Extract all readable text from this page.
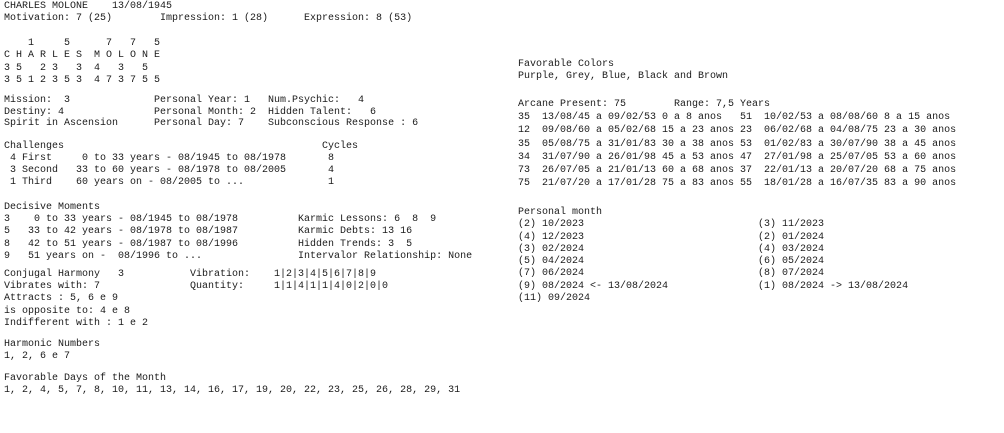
CHARLES MOLONE    13/08/1945
Motivation: 7 (25)        Impression: 1 (28)      Expression: 8 (53)
1     5      7   7   5
C H A R L E S  M O L O N E
3 5   2 3   3  4   3   5
3 5 1 2 3 5 3  4 7 3 7 5 5
Mission:  3              Personal Year: 1   Num.Psychic:   4
Destiny: 4               Personal Month: 2  Hidden Talent:   6
Spirit in Ascension      Personal Day: 7    Subconscious Response : 6
Challenges                                           Cycles
4 First     0 to 33 years - 08/1945 to 08/1978       8
3 Second   33 to 60 years - 08/1978 to 08/2005       4
1 Third    60 years on - 08/2005 to ...              1
Decisive Moments
3    0 to 33 years - 08/1945 to 08/1978          Karmic Lessons: 6  8  9
5   33 to 42 years - 08/1978 to 08/1987          Karmic Debts: 13 16
8   42 to 51 years - 08/1987 to 08/1996          Hidden Trends: 3  5
9   51 years on -  08/1996 to ...                Intervalor Relationship: None
Conjugal Harmony   3           Vibration:    1|2|3|4|5|6|7|8|9
Vibrates with: 7               Quantity:     1|1|4|1|1|4|0|2|0|0
Attracts : 5, 6 e 9
is opposite to: 4 e 8
Indifferent with : 1 e 2
Harmonic Numbers
1, 2, 6 e 7
Favorable Days of the Month
1, 2, 4, 5, 7, 8, 10, 11, 13, 14, 16, 17, 19, 20, 22, 23, 25, 26, 28, 29, 31
Favorable Colors
Purple, Grey, Blue, Black and Brown
Arcane Present: 75        Range: 7,5 Years
35  13/08/45 a 09/02/53 0 a 8 anos   51  10/02/53 a 08/08/60 8 a 15 anos
12  09/08/60 a 05/02/68 15 a 23 anos 23  06/02/68 a 04/08/75 23 a 30 anos
35  05/08/75 a 31/01/83 30 a 38 anos 53  01/02/83 a 30/07/90 38 a 45 anos
34  31/07/90 a 26/01/98 45 a 53 anos 47  27/01/98 a 25/07/05 53 a 60 anos
73  26/07/05 a 21/01/13 60 a 68 anos 37  22/01/13 a 20/07/20 68 a 75 anos
75  21/07/20 a 17/01/28 75 a 83 anos 55  18/01/28 a 16/07/35 83 a 90 anos
Personal month
(2) 10/2023                             (3) 11/2023
(4) 12/2023                             (2) 01/2024
(3) 02/2024                             (4) 03/2024
(5) 04/2024                             (6) 05/2024
(7) 06/2024                             (8) 07/2024
(9) 08/2024 <- 13/08/2024               (1) 08/2024 -> 13/08/2024
(11) 09/2024
